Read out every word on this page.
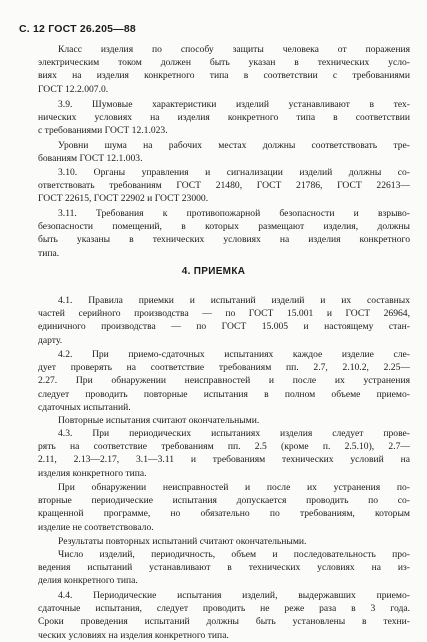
С. 12 ГОСТ 26.205—88
4. ПРИЕМКА
Класс изделия по способу защиты человека от поражения
электрическим током должен быть указан в технических усло-
виях на изделия конкретного типа в соответствии с требованиями
ГОСТ 12.2.007.0.
3.9. Шумовые характеристики изделий устанавливают в тех-
нических условиях на изделия конкретного типа в соответствии
с требованиями ГОСТ 12.1.023.
Уровни шума на рабочих местах должны соответствовать тре-
бованиям ГОСТ 12.1.003.
3.10. Органы управления и сигнализации изделий должны со-
ответствовать требованиям ГОСТ 21480, ГОСТ 21786, ГОСТ 22613—
ГОСТ 22615, ГОСТ 22902 и ГОСТ 23000.
3.11. Требования к противопожарной безопасности и взрыво-
безопасности помещений, в которых размещают изделия, должны
быть указаны в технических условиях на изделия конкретного
типа.
4.1. Правила приемки и испытаний изделий и их составных
частей серийного производства — по ГОСТ 15.001 и ГОСТ 26964,
единичного производства — по ГОСТ 15.005 и настоящему стан-
дарту.
4.2. При приемо-сдаточных испытаниях каждое изделие сле-
дует проверять на соответствие требованиям пп. 2.7, 2.10.2, 2.25—
2.27. При обнаружении неисправностей и после их устранения
следует проводить повторные испытания в полном объеме приемо-
сдаточных испытаний.
Повторные испытания считают окончательными.
4.3. При периодических испытаниях изделия следует прове-
рять на соответствие требованиям пп. 2.5 (кроме п. 2.5.10), 2.7—
2.11, 2.13—2.17, 3.1—3.11 и требованиям технических условий на
изделия конкретного типа.
При обнаружении неисправностей и после их устранения по-
вторные периодические испытания допускается проводить по со-
кращенной программе, но обязательно по требованиям, которым
изделие не соответствовало.
Результаты повторных испытаний считают окончательными.
Число изделий, периодичность, объем и последовательность про-
ведения испытаний устанавливают в технических условиях на из-
делия конкретного типа.
4.4. Периодические испытания изделий, выдержавших приемо-
сдаточные испытания, следует проводить не реже раза в 3 года.
Сроки проведения испытаний должны быть установлены в техни-
ческих условиях на изделия конкретного типа.
